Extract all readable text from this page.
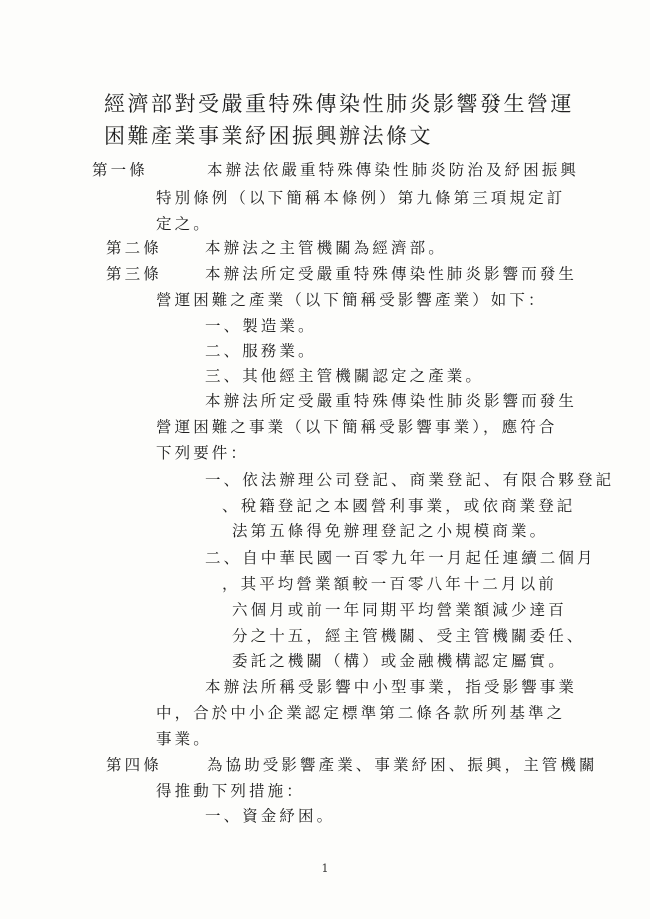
經濟部對受嚴重特殊傳染性肺炎影響發生營運困難產業事業紓困振興辦法條文
第一條	本辦法依嚴重特殊傳染性肺炎防治及紓困振興
特別條例（以下簡稱本條例）第九條第三項規定訂
定之。
第二條	本辦法之主管機關為經濟部。
第三條	本辦法所定受嚴重特殊傳染性肺炎影響而發生
營運困難之產業（以下簡稱受影響產業）如下：
一、製造業。
二、服務業。
三、其他經主管機關認定之產業。
本辦法所定受嚴重特殊傳染性肺炎影響而發生
營運困難之事業（以下簡稱受影響事業），應符合
下列要件：
一、依法辦理公司登記、商業登記、有限合夥登記
、稅籍登記之本國營利事業，或依商業登記
法第五條得免辦理登記之小規模商業。
二、自中華民國一百零九年一月起任連續二個月
，其平均營業額較一百零八年十二月以前
六個月或前一年同期平均營業額減少達百
分之十五，經主管機關、受主管機關委任、
委託之機關（構）或金融機構認定屬實。
本辦法所稱受影響中小型事業，指受影響事業
中，合於中小企業認定標準第二條各款所列基準之
事業。
第四條	為協助受影響產業、事業紓困、振興，主管機關
得推動下列措施：
一、資金紓困。
1
